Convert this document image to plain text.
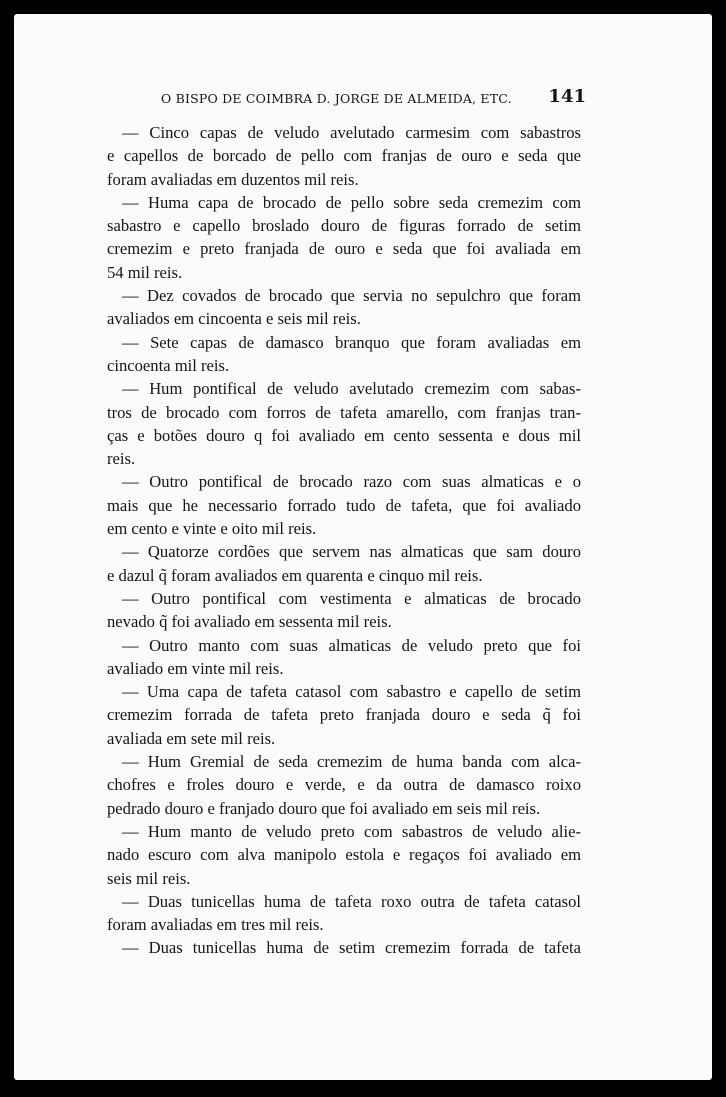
O BISPO DE COIMBRA D. JORGE DE ALMEIDA, ETC. 141
— Cinco capas de veludo avelutado carmesim com sabastros
e capellos de borcado de pello com franjas de ouro e seda que
foram avaliadas em duzentos mil reis.
— Huma capa de brocado de pello sobre seda cremezim com
sabastro e capello broslado douro de figuras forrado de setim
cremezim e preto franjada de ouro e seda que foi avaliada em
54 mil reis.
— Dez covados de brocado que servia no sepulchro que foram
avaliados em cincoenta e seis mil reis.
— Sete capas de damasco branquo que foram avaliadas em
cincoenta mil reis.
— Hum pontifical de veludo avelutado cremezim com sabas-
tros de brocado com forros de tafeta amarello, com franjas tran-
ças e botões douro q foi avaliado em cento sessenta e dous mil
reis.
— Outro pontifical de brocado razo com suas almaticas e o
mais que he necessario forrado tudo de tafeta, que foi avaliado
em cento e vinte e oito mil reis.
— Quatorze cordões que servem nas almaticas que sam douro
e dazul q̃ foram avaliados em quarenta e cinquo mil reis.
— Outro pontifical com vestimenta e almaticas de brocado
nevado q̃ foi avaliado em sessenta mil reis.
— Outro manto com suas almaticas de veludo preto que foi
avaliado em vinte mil reis.
— Uma capa de tafeta catasol com sabastro e capello de setim
cremezim forrada de tafeta preto franjada douro e seda q̃ foi
avaliada em sete mil reis.
— Hum Gremial de seda cremezim de huma banda com alca-
chofres e froles douro e verde, e da outra de damasco roixo
pedrado douro e franjado douro que foi avaliado em seis mil reis.
— Hum manto de veludo preto com sabastros de veludo alie-
nado escuro com alva manipolo estola e regaços foi avaliado em
seis mil reis.
— Duas tunicellas huma de tafeta roxo outra de tafeta catasol
foram avaliadas em tres mil reis.
— Duas tunicellas huma de setim cremezim forrada de tafeta
